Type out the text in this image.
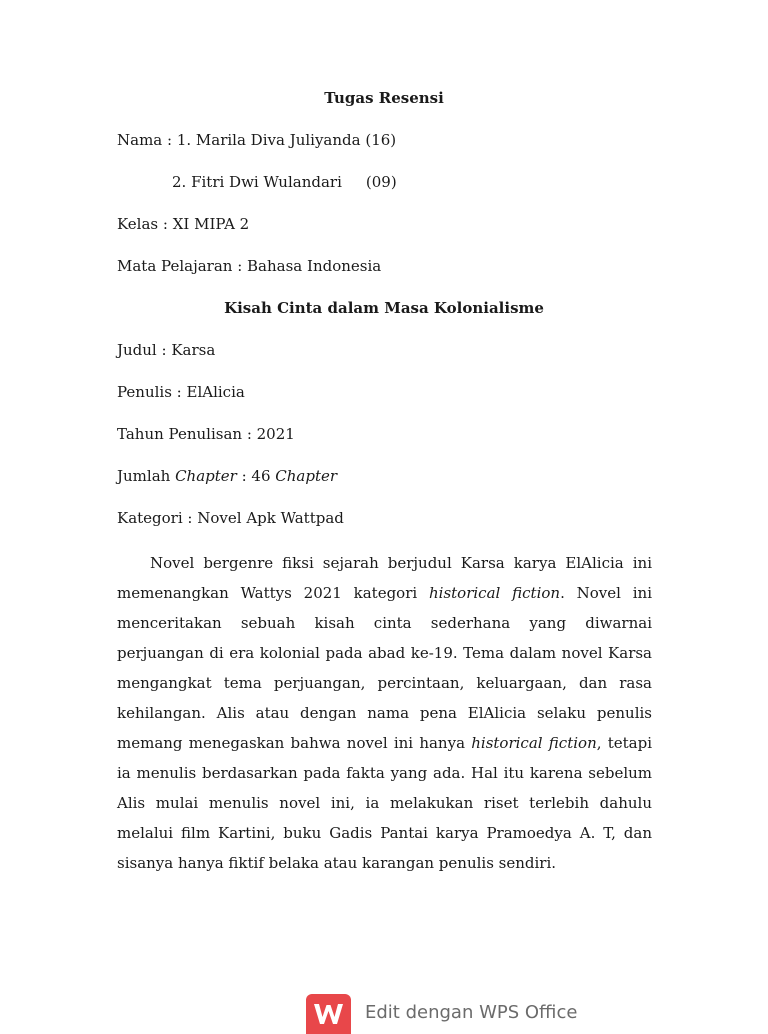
Tugas Resensi
Nama : 1. Marila Diva Juliyanda (16)
2. Fitri Dwi Wulandari (09)
Kelas : XI MIPA 2
Mata Pelajaran : Bahasa Indonesia
Kisah Cinta dalam Masa Kolonialisme
Judul : Karsa
Penulis : ElAlicia
Tahun Penulisan : 2021
Jumlah Chapter : 46 Chapter
Kategori : Novel Apk Wattpad

Novel bergenre fiksi sejarah berjudul Karsa karya ElAlicia ini memenangkan Wattys 2021 kategori historical fiction. Novel ini menceritakan sebuah kisah cinta sederhana yang diwarnai perjuangan di era kolonial pada abad ke-19. Tema dalam novel Karsa mengangkat tema perjuangan, percintaan, keluargaan, dan rasa kehilangan. Alis atau dengan nama pena ElAlicia selaku penulis memang menegaskan bahwa novel ini hanya historical fiction, tetapi ia menulis berdasarkan pada fakta yang ada. Hal itu karena sebelum Alis mulai menulis novel ini, ia melakukan riset terlebih dahulu melalui film Kartini, buku Gadis Pantai karya Pramoedya A. T, dan sisanya hanya fiktif belaka atau karangan penulis sendiri.

Edit dengan WPS Office
